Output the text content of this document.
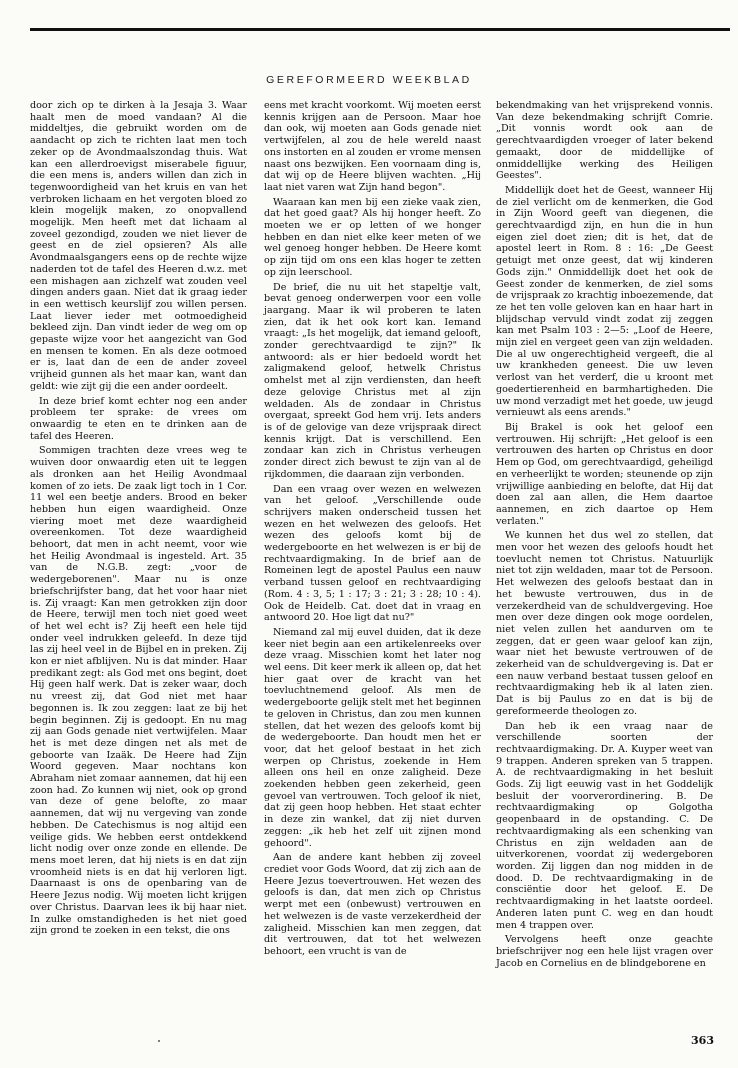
GEREFORMEERD WEEKBLAD

door zich op te dirken à la Jesaja 3. Waar haalt men de moed vandaan? Al die middeltjes, die gebruikt worden om de aandacht op zich te richten laat men toch zeker op de Avondmaalszondag thuis. Wat kan een allerdroevigst miserabele figuur, die een mens is, anders willen dan zich in tegenwoordigheid van het kruis en van het verbroken lichaam en het vergoten bloed zo klein mogelijk maken, zo onopvallend mogelijk. Men heeft met dat lichaam al zoveel gezondigd, zouden we niet liever de geest en de ziel opsieren? Als alle Avondmaalsgangers eens op de rechte wijze naderden tot de tafel des Heeren d.w.z. met een mishagen aan zichzelf wat zouden veel dingen anders gaan. Niet dat ik graag ieder in een wettisch keurslijf zou willen persen. Laat liever ieder met ootmoedigheid bekleed zijn. Dan vindt ieder de weg om op gepaste wijze voor het aangezicht van God en mensen te komen. En als deze ootmoed er is, laat dan de een de ander zoveel vrijheid gunnen als het maar kan, want dan geldt: wie zijt gij die een ander oordeelt.

In deze brief komt echter nog een ander probleem ter sprake: de vrees om onwaardig te eten en te drinken aan de tafel des Heeren.

Sommigen trachten deze vrees weg te wuiven door onwaardig eten uit te leggen als dronken aan het Heilig Avondmaal komen of zo iets. De zaak ligt toch in 1 Cor. 11 wel een beetje anders. Brood en beker hebben hun eigen waardigheid. Onze viering moet met deze waardigheid overeenkomen. Tot deze waardigheid behoort, dat men in acht neemt, voor wie het Heilig Avondmaal is ingesteld. Art. 35 van de N.G.B. zegt: „voor de wedergeborenen". Maar nu is onze briefschrijfster bang, dat het voor haar niet is. Zij vraagt: Kan men getrokken zijn door de Heere, terwijl men toch niet goed weet of het wel echt is? Zij heeft een hele tijd onder veel indrukken geleefd. In deze tijd las zij heel veel in de Bijbel en in preken. Zij kon er niet afblijven. Nu is dat minder. Haar predikant zegt: als God met ons begint, doet Hij geen half werk. Dat is zeker waar, doch nu vreest zij, dat God niet met haar begonnen is. Ik zou zeggen: laat ze bij het begin beginnen. Zij is gedoopt. En nu mag zij aan Gods genade niet vertwijfelen. Maar het is met deze dingen net als met de geboorte van Izaäk. De Heere had Zijn Woord gegeven. Maar nochtans kon Abraham niet zomaar aannemen, dat hij een zoon had. Zo kunnen wij niet, ook op grond van deze of gene belofte, zo maar aannemen, dat wij nu vergeving van zonde hebben. De Catechismus is nog altijd een veilige gids. We hebben eerst ontdekkend licht nodig over onze zonde en ellende. De mens moet leren, dat hij niets is en dat zijn vroomheid niets is en dat hij verloren ligt. Daarnaast is ons de openbaring van de Heere Jezus nodig. Wij moeten licht krijgen over Christus. Daarvan lees ik bij haar niet. In zulke omstandigheden is het niet goed zijn grond te zoeken in een tekst, die ons

eens met kracht voorkomt. Wij moeten eerst kennis krijgen aan de Persoon. Maar hoe dan ook, wij moeten aan Gods genade niet vertwijfelen, al zou de hele wereld naast ons instorten en al zouden er vrome mensen naast ons bezwijken. Een voornaam ding is, dat wij op de Heere blijven wachten. „Hij laat niet varen wat Zijn hand begon".

Waaraan kan men bij een zieke vaak zien, dat het goed gaat? Als hij honger heeft. Zo moeten we er op letten of we honger hebben en dan niet elke keer meten of we wel genoeg honger hebben. De Heere komt op zijn tijd om ons een klas hoger te zetten op zijn leerschool.

De brief, die nu uit het stapeltje valt, bevat genoeg onderwerpen voor een volle jaargang. Maar ik wil proberen te laten zien, dat ik het ook kort kan. Iemand vraagt: „Is het mogelijk, dat iemand gelooft, zonder gerechtvaardigd te zijn?" Ik antwoord: als er hier bedoeld wordt het zaligmakend geloof, hetwelk Christus omhelst met al zijn verdiensten, dan heeft deze gelovige Christus met al zijn weldaden. Als de zondaar in Christus overgaat, spreekt God hem vrij. Iets anders is of de gelovige van deze vrijspraak direct kennis krijgt. Dat is verschillend. Een zondaar kan zich in Christus verheugen zonder direct zich bewust te zijn van al de rijkdommen, die daaraan zijn verbonden.

Dan een vraag over wezen en welwezen van het geloof. „Verschillende oude schrijvers maken onderscheid tussen het wezen en het welwezen des geloofs. Het wezen des geloofs komt bij de wedergeboorte en het welwezen is er bij de rechtvaardigmaking. In de brief aan de Romeinen legt de apostel Paulus een nauw verband tussen geloof en rechtvaardiging (Rom. 4 : 3, 5; 1 : 17; 3 : 21; 3 : 28; 10 : 4). Ook de Heidelb. Cat. doet dat in vraag en antwoord 20. Hoe ligt dat nu?"

Niemand zal mij euvel duiden, dat ik deze keer niet begin aan een artikelenreeks over deze vraag. Misschien komt het later nog wel eens. Dit keer merk ik alleen op, dat het hier gaat over de kracht van het toevluchtnemend geloof. Als men de wedergeboorte gelijk stelt met het beginnen te geloven in Christus, dan zou men kunnen stellen, dat het wezen des geloofs komt bij de wedergeboorte. Dan houdt men het er voor, dat het geloof bestaat in het zich werpen op Christus, zoekende in Hem alleen ons heil en onze zaligheid. Deze zoekenden hebben geen zekerheid, geen gevoel van vertrouwen. Toch geloof ik niet, dat zij geen hoop hebben. Het staat echter in deze zin wankel, dat zij niet durven zeggen: „ik heb het zelf uit zijnen mond gehoord".

Aan de andere kant hebben zij zoveel crediet voor Gods Woord, dat zij zich aan de Heere Jezus toevertrouwen. Het wezen des geloofs is dan, dat men zich op Christus werpt met een (onbewust) vertrouwen en het welwezen is de vaste verzekerdheid der zaligheid. Misschien kan men zeggen, dat dit vertrouwen, dat tot het welwezen behoort, een vrucht is van de

bekendmaking van het vrijsprekend vonnis. Van deze bekendmaking schrijft Comrie. „Dit vonnis wordt ook aan de gerechtvaardigden vroeger of later bekend gemaakt, door de middellijke of onmiddellijke werking des Heiligen Geestes".

Middellijk doet het de Geest, wanneer Hij de ziel verlicht om de kenmerken, die God in Zijn Woord geeft van diegenen, die gerechtvaardigd zijn, en hun die in hun eigen ziel doet zien; dit is het, dat de apostel leert in Rom. 8 : 16: „De Geest getuigt met onze geest, dat wij kinderen Gods zijn." Onmiddellijk doet het ook de Geest zonder de kenmerken, de ziel soms de vrijspraak zo krachtig inboezemende, dat ze het ten volle geloven kan en haar hart in blijdschap vervuld vindt zodat zij zeggen kan met Psalm 103 : 2—5: „Loof de Heere, mijn ziel en vergeet geen van zijn weldaden. Die al uw ongerechtigheid vergeeft, die al uw krankheden geneest. Die uw leven verlost van het verderf, die u kroont met goedertierenheid en barmhartigheden. Die uw mond verzadigt met het goede, uw jeugd vernieuwt als eens arends."

Bij Brakel is ook het geloof een vertrouwen. Hij schrijft: „Het geloof is een vertrouwen des harten op Christus en door Hem op God, om gerechtvaardigd, geheiligd en verheerlijkt te worden; steunende op zijn vrijwillige aanbieding en belofte, dat Hij dat doen zal aan allen, die Hem daartoe aannemen, en zich daartoe op Hem verlaten."

We kunnen het dus wel zo stellen, dat men voor het wezen des geloofs houdt het toevlucht nemen tot Christus. Natuurlijk niet tot zijn weldaden, maar tot de Persoon. Het welwezen des geloofs bestaat dan in het bewuste vertrouwen, dus in de verzekerdheid van de schuldvergeving. Hoe men over deze dingen ook moge oordelen, niet velen zullen het aandurven om te zeggen, dat er geen waar geloof kan zijn, waar niet het bewuste vertrouwen of de zekerheid van de schuldvergeving is. Dat er een nauw verband bestaat tussen geloof en rechtvaardigmaking heb ik al laten zien. Dat is bij Paulus zo en dat is bij de gereformeerde theologen zo.

Dan heb ik een vraag naar de verschillende soorten der rechtvaardigmaking. Dr. A. Kuyper weet van 9 trappen. Anderen spreken van 5 trappen. A. de rechtvaardigmaking in het besluit Gods. Zij ligt eeuwig vast in het Goddelijk besluit der voorverordinering. B. De rechtvaardigmaking op Golgotha geopenbaard in de opstanding. C. De rechtvaardigmaking als een schenking van Christus en zijn weldaden aan de uitverkorenen, voordat zij wedergeboren worden. Zij liggen dan nog midden in de dood. D. De rechtvaardigmaking in de consciëntie door het geloof. E. De rechtvaardigmaking in het laatste oordeel. Anderen laten punt C. weg en dan houdt men 4 trappen over.

Vervolgens heeft onze geachte briefschrijver nog een hele lijst vragen over Jacob en Cornelius en de blindgeborene en

363
